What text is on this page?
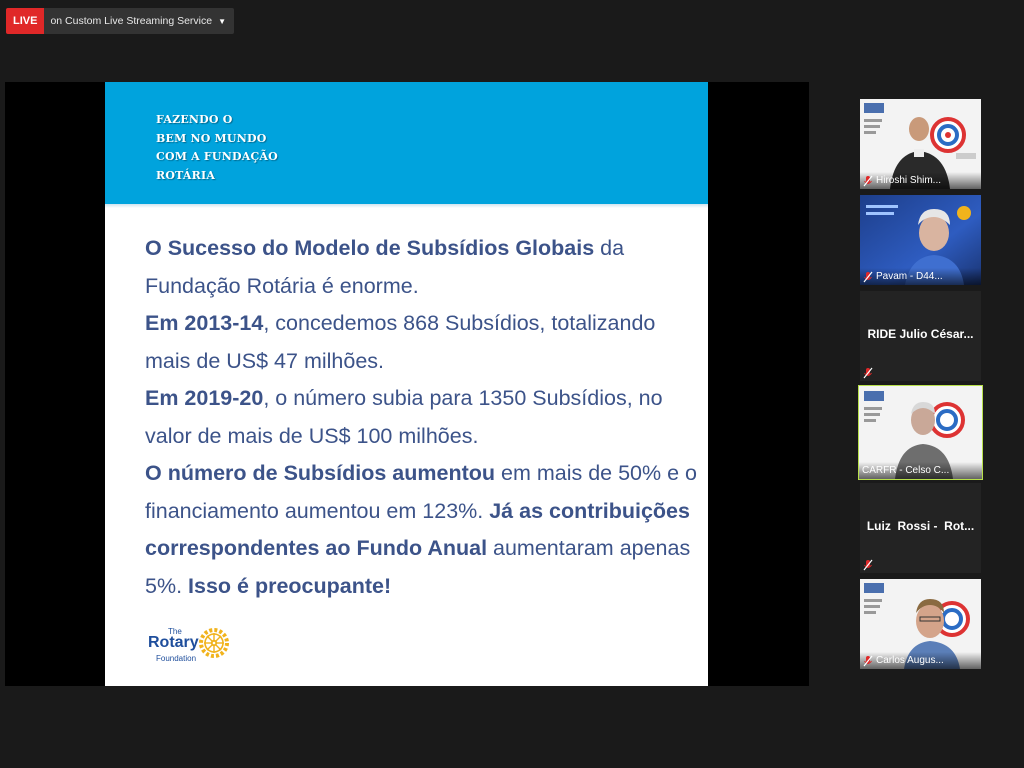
LIVE	on Custom Live Streaming Service ▼
FAZENDO O
BEM NO MUNDO
COM A FUNDAÇÃO
ROTÁRIA

O Sucesso do Modelo de Subsídios Globais da Fundação Rotária é enorme.

Em 2013-14, concedemos 868 Subsídios, totalizando mais de US$ 47 milhões.

Em 2019-20, o número subia para 1350 Subsídios, no valor de mais de US$ 100 milhões.

O número de Subsídios aumentou em mais de 50% e o financiamento aumentou em 123%. Já as contribuições correspondentes ao Fundo Anual aumentaram apenas 5%. Isso é preocupante!

The
Rotary
Foundation
Hiroshi Shim...
Pavam - D44...
RIDE Julio César...
CARFR - Celso C...
Luiz  Rossi -  Rot...
Carlos Augus...
